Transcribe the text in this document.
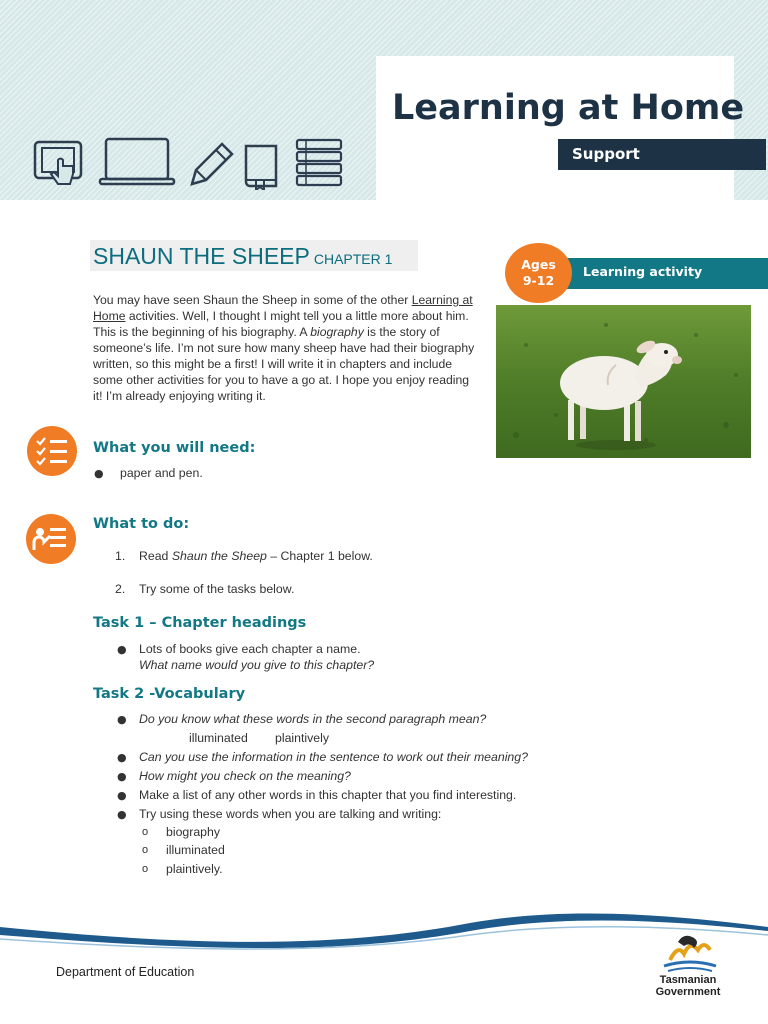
Learning at Home
Support
SHAUN THE SHEEP CHAPTER 1
You may have seen Shaun the Sheep in some of the other Learning at
Home activities. Well, I thought I might tell you a little more about him.
This is the beginning of his biography. A biography is the story of
someone’s life. I’m not sure how many sheep have had their biography
written, so this might be a first! I will write it in chapters and include
some other activities for you to have a go at. I hope you enjoy reading
it! I’m already enjoying writing it.
Learning activity
Ages
9-12
What you will need:
● paper and pen.
What to do:
1. Read Shaun the Sheep – Chapter 1 below.
2. Try some of the tasks below.
Task 1 – Chapter headings
● Lots of books give each chapter a name.
What name would you give to this chapter?
Task 2 -Vocabulary
● Do you know what these words in the second paragraph mean?
illuminated plaintively
● Can you use the information in the sentence to work out their meaning?
● How might you check on the meaning?
● Make a list of any other words in this chapter that you find interesting.
● Try using these words when you are talking and writing:
o biography
o illuminated
o plaintively.
Department of Education
Tasmanian
Government
